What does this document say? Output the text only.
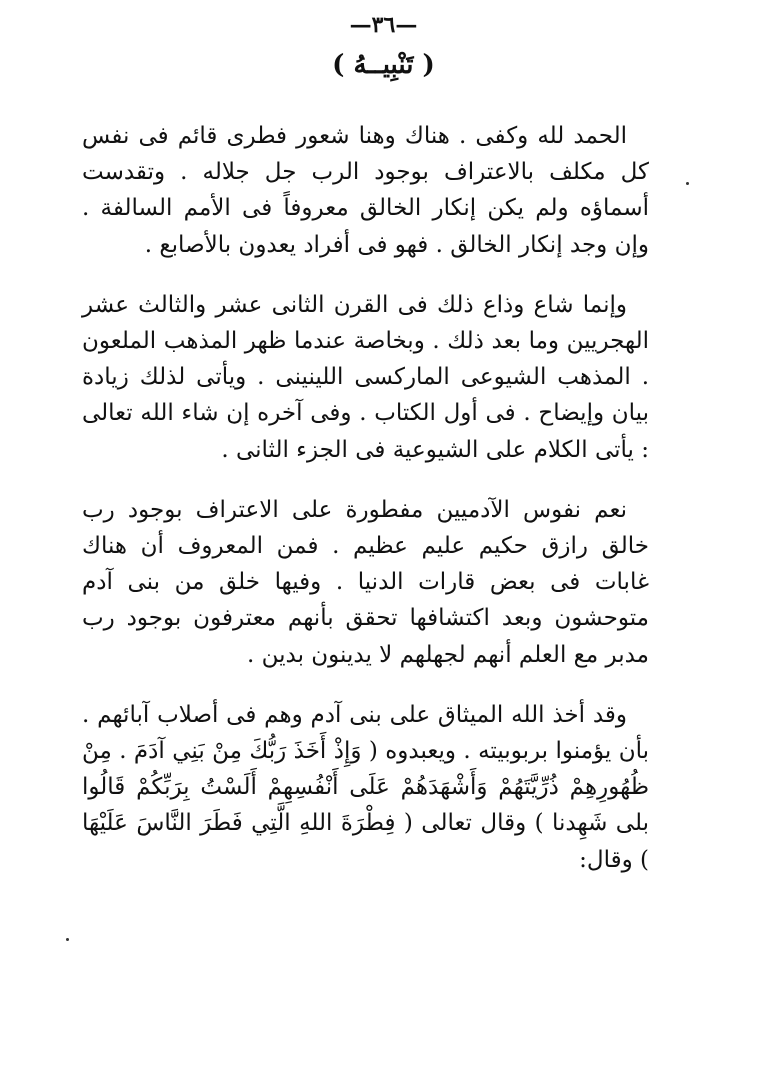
—٣٦—
( تَنْبِيــهُ )

الحمد لله وكفى . هناك وهنا شعور فطرى قائم فى نفس كل مكلف بالاعتراف بوجود الرب جل جلاله . وتقدست أسماؤه ولم يكن إنكار الخالق معروفاً فى الأمم السالفة . وإن وجد إنكار الخالق . فهو فى أفراد يعدون بالأصابع .

وإنما شاع وذاع ذلك فى القرن الثانى عشر والثالث عشر الهجريين وما بعد ذلك . وبخاصة عندما ظهر المذهب الملعون . المذهب الشيوعى الماركسى اللينينى . ويأتى لذلك زيادة بيان وإيضاح . فى أول الكتاب . وفى آخره إن شاء الله تعالى : يأتى الكلام على الشيوعية فى الجزء الثانى .

نعم نفوس الآدميين مفطورة على الاعتراف بوجود رب خالق رازق حكيم عليم عظيم . فمن المعروف أن هناك غابات فى بعض قارات الدنيا . وفيها خلق من بنى آدم متوحشون وبعد اكتشافها تحقق بأنهم معترفون بوجود رب مدبر مع العلم أنهم لجهلهم لا يدينون بدين .

وقد أخذ الله الميثاق على بنى آدم وهم فى أصلاب آبائهم . بأن يؤمنوا بربوبيته . ويعبدوه ( وَإِذْ أَخَذَ رَبُّكَ مِنْ بَنِي آدَمَ . مِنْ ظُهُورِهِمْ ذُرِّيَّتَهُمْ وَأَشْهَدَهُمْ عَلَى أَنْفُسِهِمْ أَلَسْتُ بِرَبِّكُمْ قَالُوا بلى شَهِدنا ) وقال تعالى ( فِطْرَةَ اللهِ الَّتِي فَطَرَ النَّاسَ عَلَيْهَا ) وقال:
